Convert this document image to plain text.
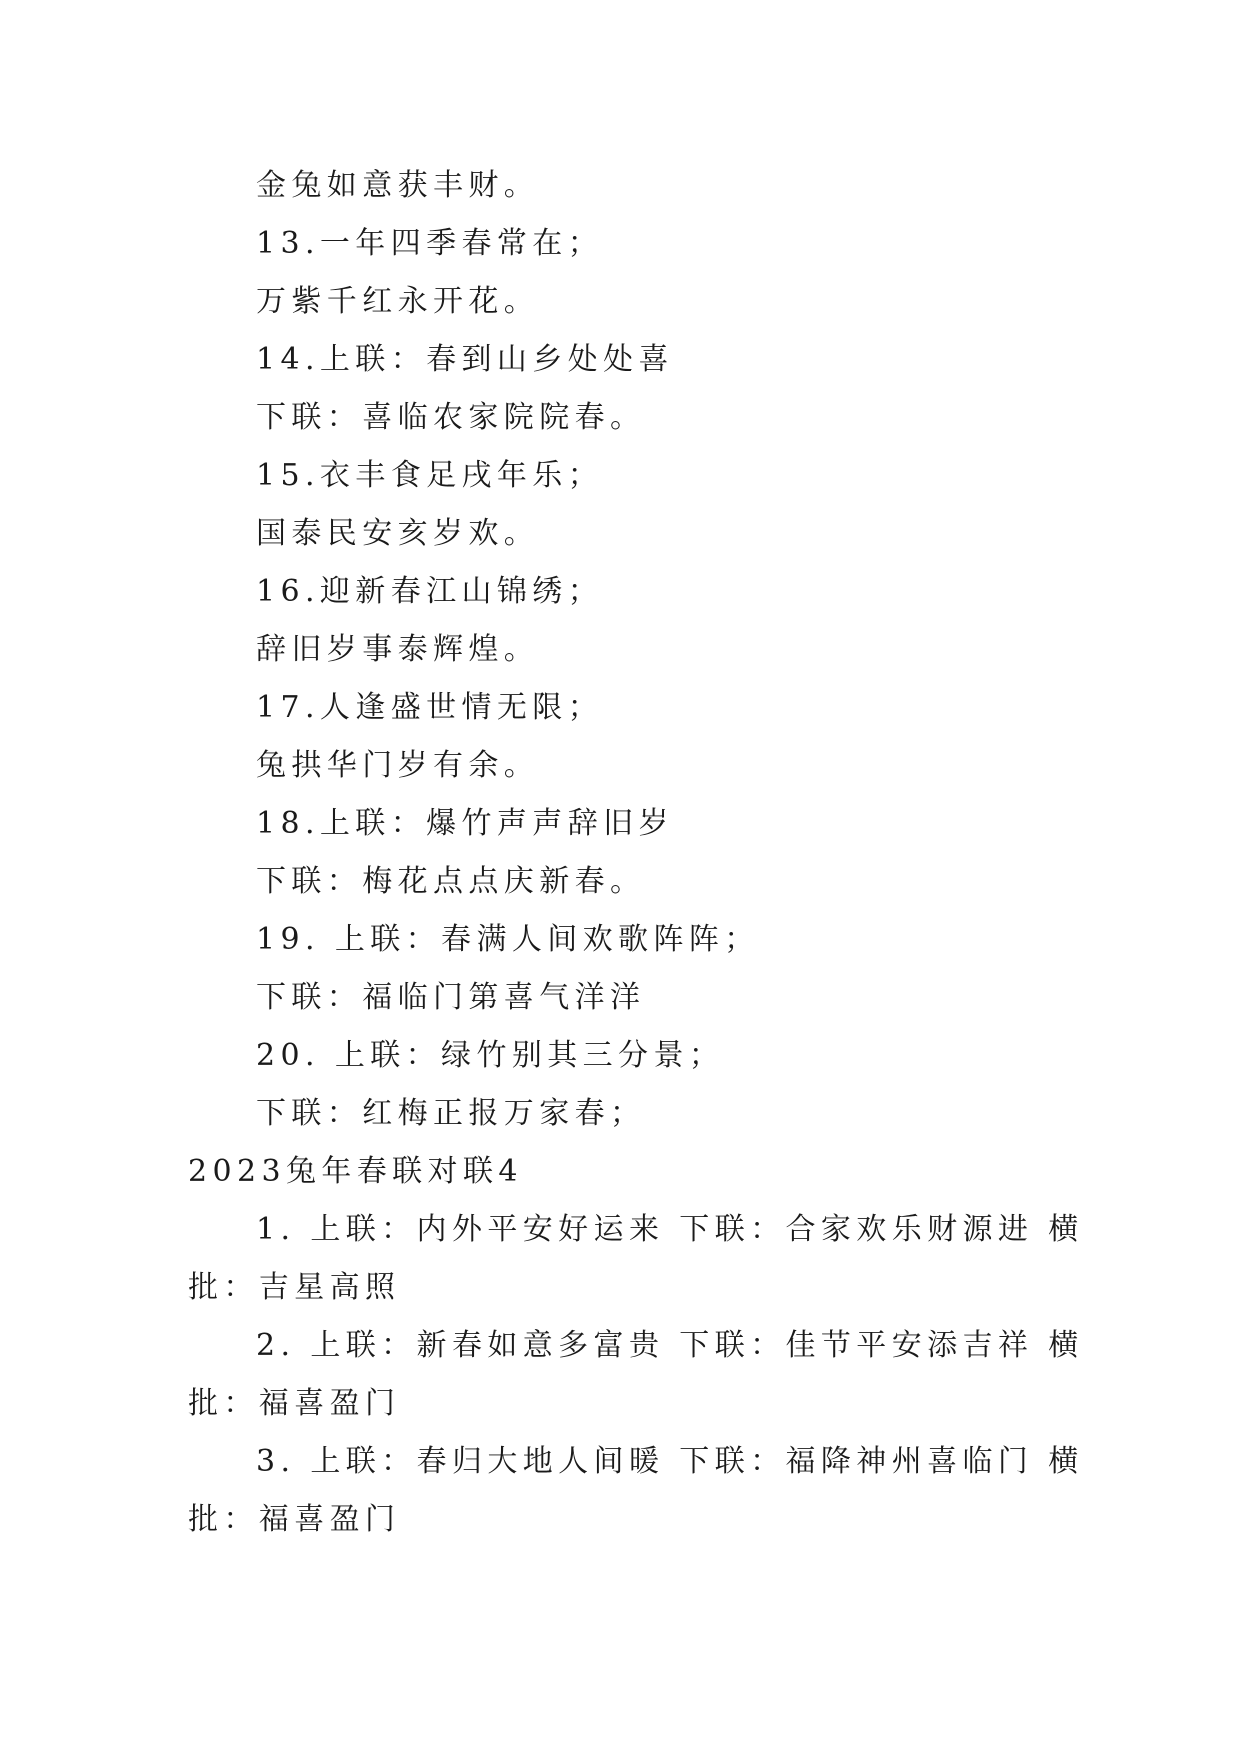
金兔如意获丰财。
13.一年四季春常在；
万紫千红永开花。
14.上联：春到山乡处处喜
下联：喜临农家院院春。
15.衣丰食足戌年乐；
国泰民安亥岁欢。
16.迎新春江山锦绣；
辞旧岁事泰辉煌。
17.人逢盛世情无限；
兔拱华门岁有余。
18.上联：爆竹声声辞旧岁
下联：梅花点点庆新春。
19. 上联：春满人间欢歌阵阵；
下联：福临门第喜气洋洋
20. 上联：绿竹别其三分景；
下联：红梅正报万家春；
2023兔年春联对联4
1. 上联：内外平安好运来 下联：合家欢乐财源进 横
批：吉星高照
2. 上联：新春如意多富贵 下联：佳节平安添吉祥 横
批：福喜盈门
3. 上联：春归大地人间暖 下联：福降神州喜临门 横
批：福喜盈门
